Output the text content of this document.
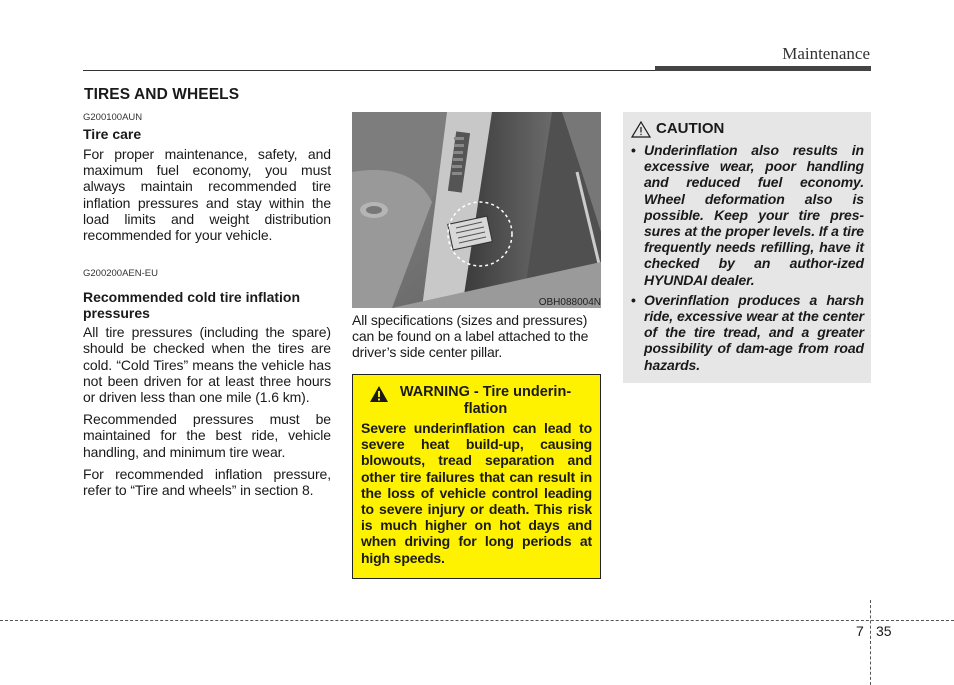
Maintenance
TIRES AND WHEELS
G200100AUN
Tire care
For proper maintenance, safety, and maximum fuel economy, you must always maintain recommended tire inflation pressures and stay within the load limits and weight distribution recommended for your vehicle.
G200200AEN-EU
Recommended cold tire inflation pressures
All tire pressures (including the spare) should be checked when the tires are cold. “Cold Tires” means the vehicle has not been driven for at least three hours or driven less than one mile (1.6 km).
Recommended pressures must be maintained for the best ride, vehicle handling, and minimum tire wear.
For recommended inflation pressure, refer to “Tire and wheels” in section 8.
OBH088004N
All specifications (sizes and pressures) can be found on a label attached to the driver’s side center pillar.
WARNING - Tire underin-flation
Severe underinflation can lead to severe heat build-up, causing blowouts, tread separation and other tire failures that can result in the loss of vehicle control leading to severe injury or death. This risk is much higher on hot days and when driving for long periods at high speeds.
CAUTION
• Underinflation also results in excessive wear, poor handling and reduced fuel economy. Wheel deformation also is possible. Keep your tire pres-sures at the proper levels. If a tire frequently needs refilling, have it checked by an author-ized HYUNDAI dealer.
• Overinflation produces a harsh ride, excessive wear at the center of the tire tread, and a greater possibility of dam-age from road hazards.
7 35
